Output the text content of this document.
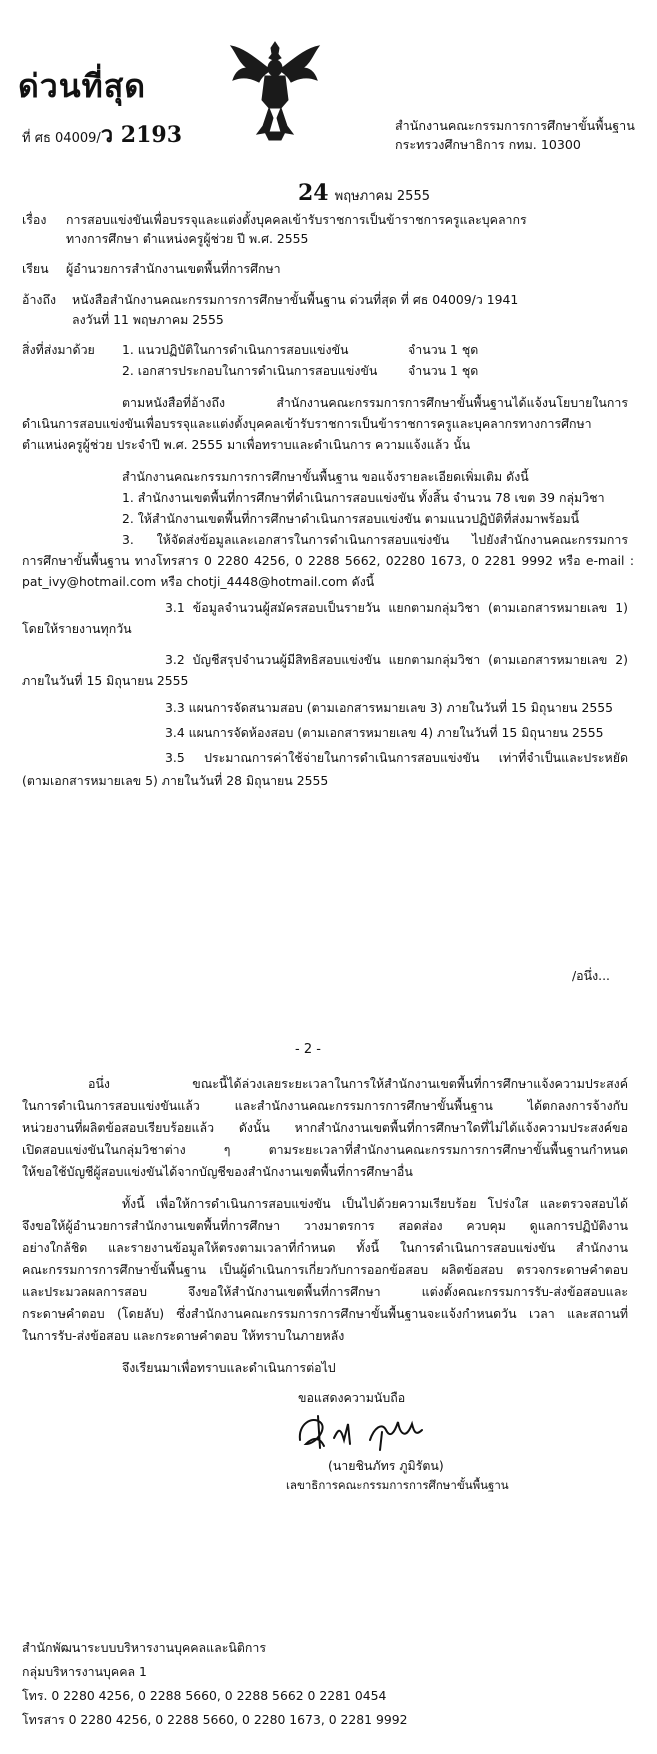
ด่วนที่สุด
ที่ ศธ 04009/ว 2193	สำนักงานคณะกรรมการการศึกษาขั้นพื้นฐาน
กระทรวงศึกษาธิการ กทม. 10300
24 พฤษภาคม 2555
เรื่อง การสอบแข่งขันเพื่อบรรจุและแต่งตั้งบุคคลเข้ารับราชการเป็นข้าราชการครูและบุคลากร
ทางการศึกษา ตำแหน่งครูผู้ช่วย ปี พ.ศ. 2555
เรียน ผู้อำนวยการสำนักงานเขตพื้นที่การศึกษา
อ้างถึง หนังสือสำนักงานคณะกรรมการการศึกษาขั้นพื้นฐาน ด่วนที่สุด ที่ ศธ 04009/ว 1941
ลงวันที่ 11 พฤษภาคม 2555
สิ่งที่ส่งมาด้วย 1. แนวปฏิบัติในการดำเนินการสอบแข่งขัน	จำนวน 1 ชุด
2. เอกสารประกอบในการดำเนินการสอบแข่งขัน จำนวน 1 ชุด
ตามหนังสือที่อ้างถึง สำนักงานคณะกรรมการการศึกษาขั้นพื้นฐานได้แจ้งนโยบายในการ
ดำเนินการสอบแข่งขันเพื่อบรรจุและแต่งตั้งบุคคลเข้ารับราชการเป็นข้าราชการครูและบุคลากรทางการศึกษา
ตำแหน่งครูผู้ช่วย ประจำปี พ.ศ. 2555 มาเพื่อทราบและดำเนินการ ความแจ้งแล้ว นั้น
สำนักงานคณะกรรมการการศึกษาขั้นพื้นฐาน ขอแจ้งรายละเอียดเพิ่มเติม ดังนี้
1. สำนักงานเขตพื้นที่การศึกษาที่ดำเนินการสอบแข่งขัน ทั้งสิ้น จำนวน 78 เขต 39 กลุ่มวิชา
2. ให้สำนักงานเขตพื้นที่การศึกษาดำเนินการสอบแข่งขัน ตามแนวปฏิบัติที่ส่งมาพร้อมนี้
3. ให้จัดส่งข้อมูลและเอกสารในการดำเนินการสอบแข่งขัน ไปยังสำนักงานคณะกรรมการ
การศึกษาขั้นพื้นฐาน ทางโทรสาร 0 2280 4256, 0 2288 5662, 02280 1673, 0 2281 9992 หรือ e-mail :
pat_ivy@hotmail.com หรือ chotji_4448@hotmail.com ดังนี้
3.1 ข้อมูลจำนวนผู้สมัครสอบเป็นรายวัน แยกตามกลุ่มวิชา (ตามเอกสารหมายเลข 1)
โดยให้รายงานทุกวัน
3.2 บัญชีสรุปจำนวนผู้มีสิทธิสอบแข่งขัน แยกตามกลุ่มวิชา (ตามเอกสารหมายเลข 2)
ภายในวันที่ 15 มิถุนายน 2555
3.3 แผนการจัดสนามสอบ (ตามเอกสารหมายเลข 3) ภายในวันที่ 15 มิถุนายน 2555
3.4 แผนการจัดห้องสอบ (ตามเอกสารหมายเลข 4) ภายในวันที่ 15 มิถุนายน 2555
3.5 ประมาณการค่าใช้จ่ายในการดำเนินการสอบแข่งขัน เท่าที่จำเป็นและประหยัด
(ตามเอกสารหมายเลข 5) ภายในวันที่ 28 มิถุนายน 2555
/อนึ่ง...
- 2 -
อนึ่ง ขณะนี้ได้ล่วงเลยระยะเวลาในการให้สำนักงานเขตพื้นที่การศึกษาแจ้งความประสงค์
ในการดำเนินการสอบแข่งขันแล้ว และสำนักงานคณะกรรมการการศึกษาขั้นพื้นฐาน ได้ตกลงการจ้างกับ
หน่วยงานที่ผลิตข้อสอบเรียบร้อยแล้ว ดังนั้น หากสำนักงานเขตพื้นที่การศึกษาใดที่ไม่ได้แจ้งความประสงค์ขอ
เปิดสอบแข่งขันในกลุ่มวิชาต่าง ๆ ตามระยะเวลาที่สำนักงานคณะกรรมการการศึกษาขั้นพื้นฐานกำหนด
ให้ขอใช้บัญชีผู้สอบแข่งขันได้จากบัญชีของสำนักงานเขตพื้นที่การศึกษาอื่น
ทั้งนี้ เพื่อให้การดำเนินการสอบแข่งขัน เป็นไปด้วยความเรียบร้อย โปร่งใส และตรวจสอบได้
จึงขอให้ผู้อำนวยการสำนักงานเขตพื้นที่การศึกษา วางมาตรการ สอดส่อง ควบคุม ดูแลการปฏิบัติงาน
อย่างใกล้ชิด และรายงานข้อมูลให้ตรงตามเวลาที่กำหนด ทั้งนี้ ในการดำเนินการสอบแข่งขัน สำนักงาน
คณะกรรมการการศึกษาขั้นพื้นฐาน เป็นผู้ดำเนินการเกี่ยวกับการออกข้อสอบ ผลิตข้อสอบ ตรวจกระดาษคำตอบ
และประมวลผลการสอบ จึงขอให้สำนักงานเขตพื้นที่การศึกษา แต่งตั้งคณะกรรมการรับ-ส่งข้อสอบและ
กระดาษคำตอบ (โดยลับ) ซึ่งสำนักงานคณะกรรมการการศึกษาขั้นพื้นฐานจะแจ้งกำหนดวัน เวลา และสถานที่
ในการรับ-ส่งข้อสอบ และกระดาษคำตอบ ให้ทราบในภายหลัง
จึงเรียนมาเพื่อทราบและดำเนินการต่อไป
ขอแสดงความนับถือ
(นายชินภัทร ภูมิรัตน)
เลขาธิการคณะกรรมการการศึกษาขั้นพื้นฐาน
สำนักพัฒนาระบบบริหารงานบุคคลและนิติการ
กลุ่มบริหารงานบุคคล 1
โทร. 0 2280 4256, 0 2288 5660, 0 2288 5662 0 2281 0454
โทรสาร 0 2280 4256, 0 2288 5660, 0 2280 1673, 0 2281 9992
